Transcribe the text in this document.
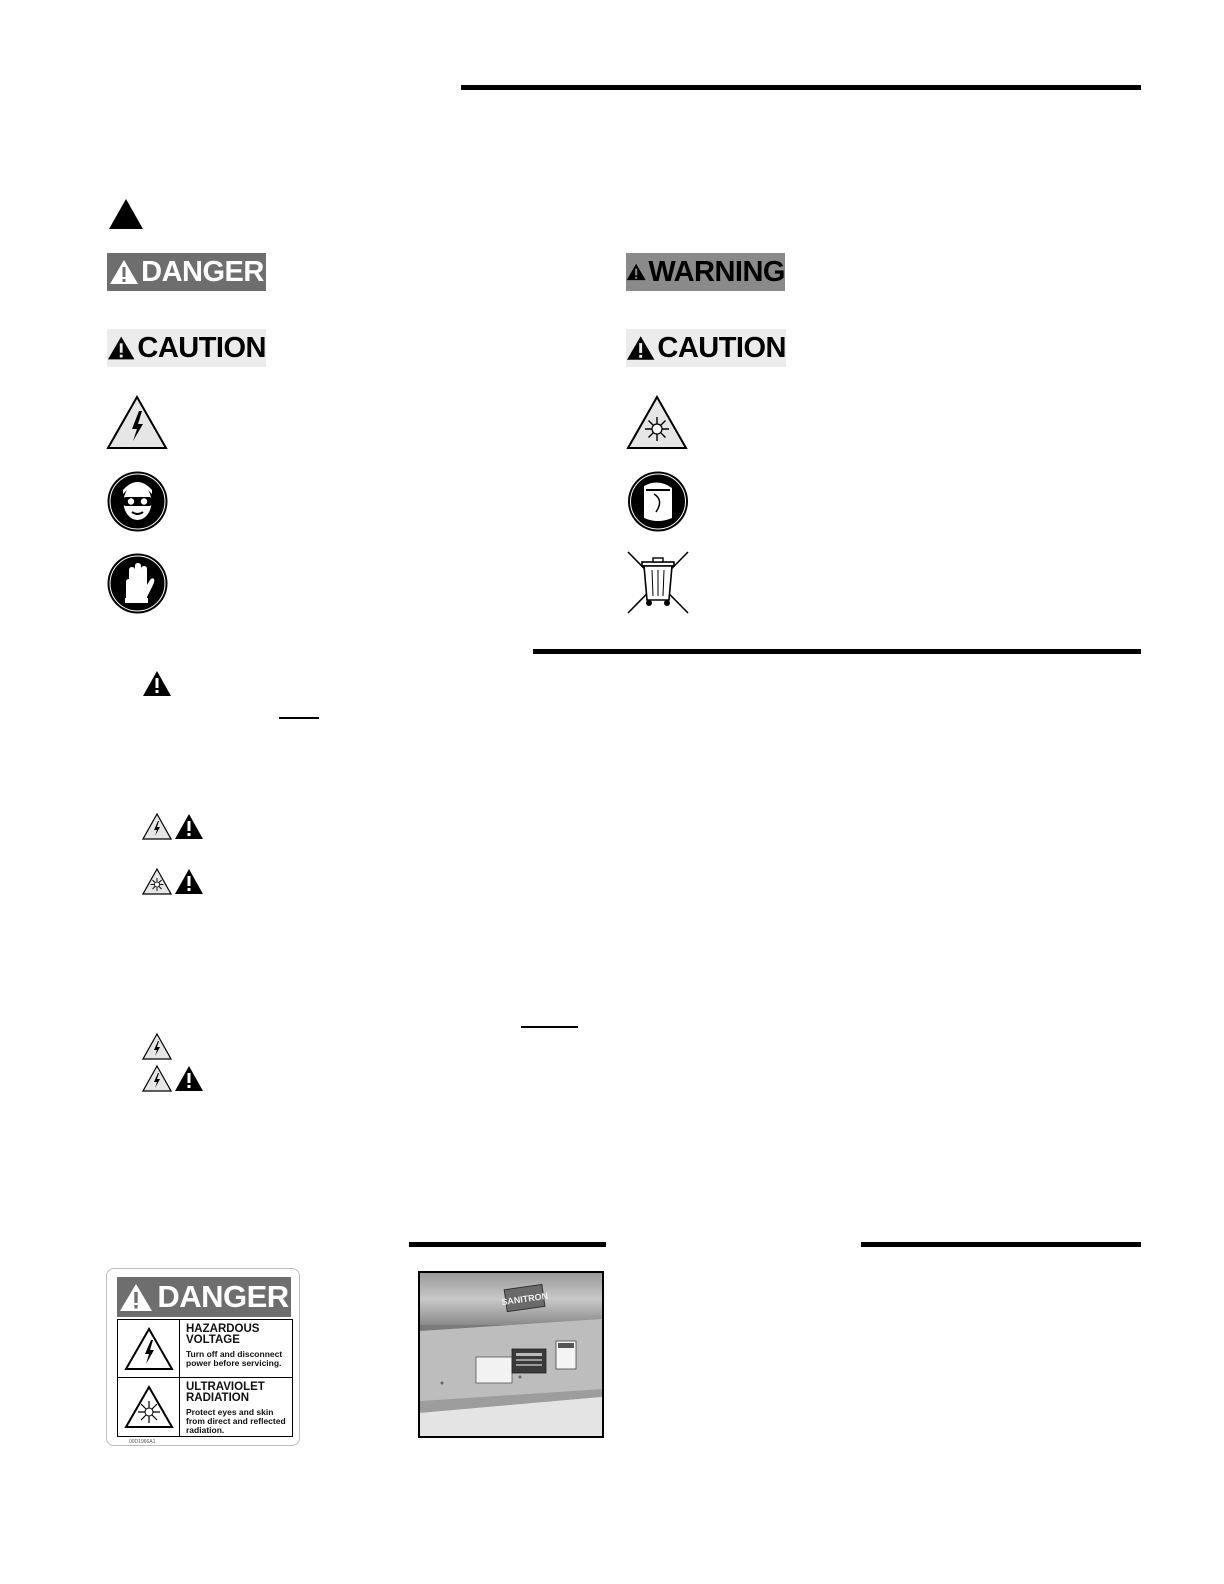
DANGER	WARNING
CAUTION	CAUTION
DANGER
HAZARDOUS VOLTAGE
Turn off and disconnect power before servicing.
ULTRAVIOLET RADIATION
Protect eyes and skin from direct and reflected radiation.
00D1966A1
SANITRON
